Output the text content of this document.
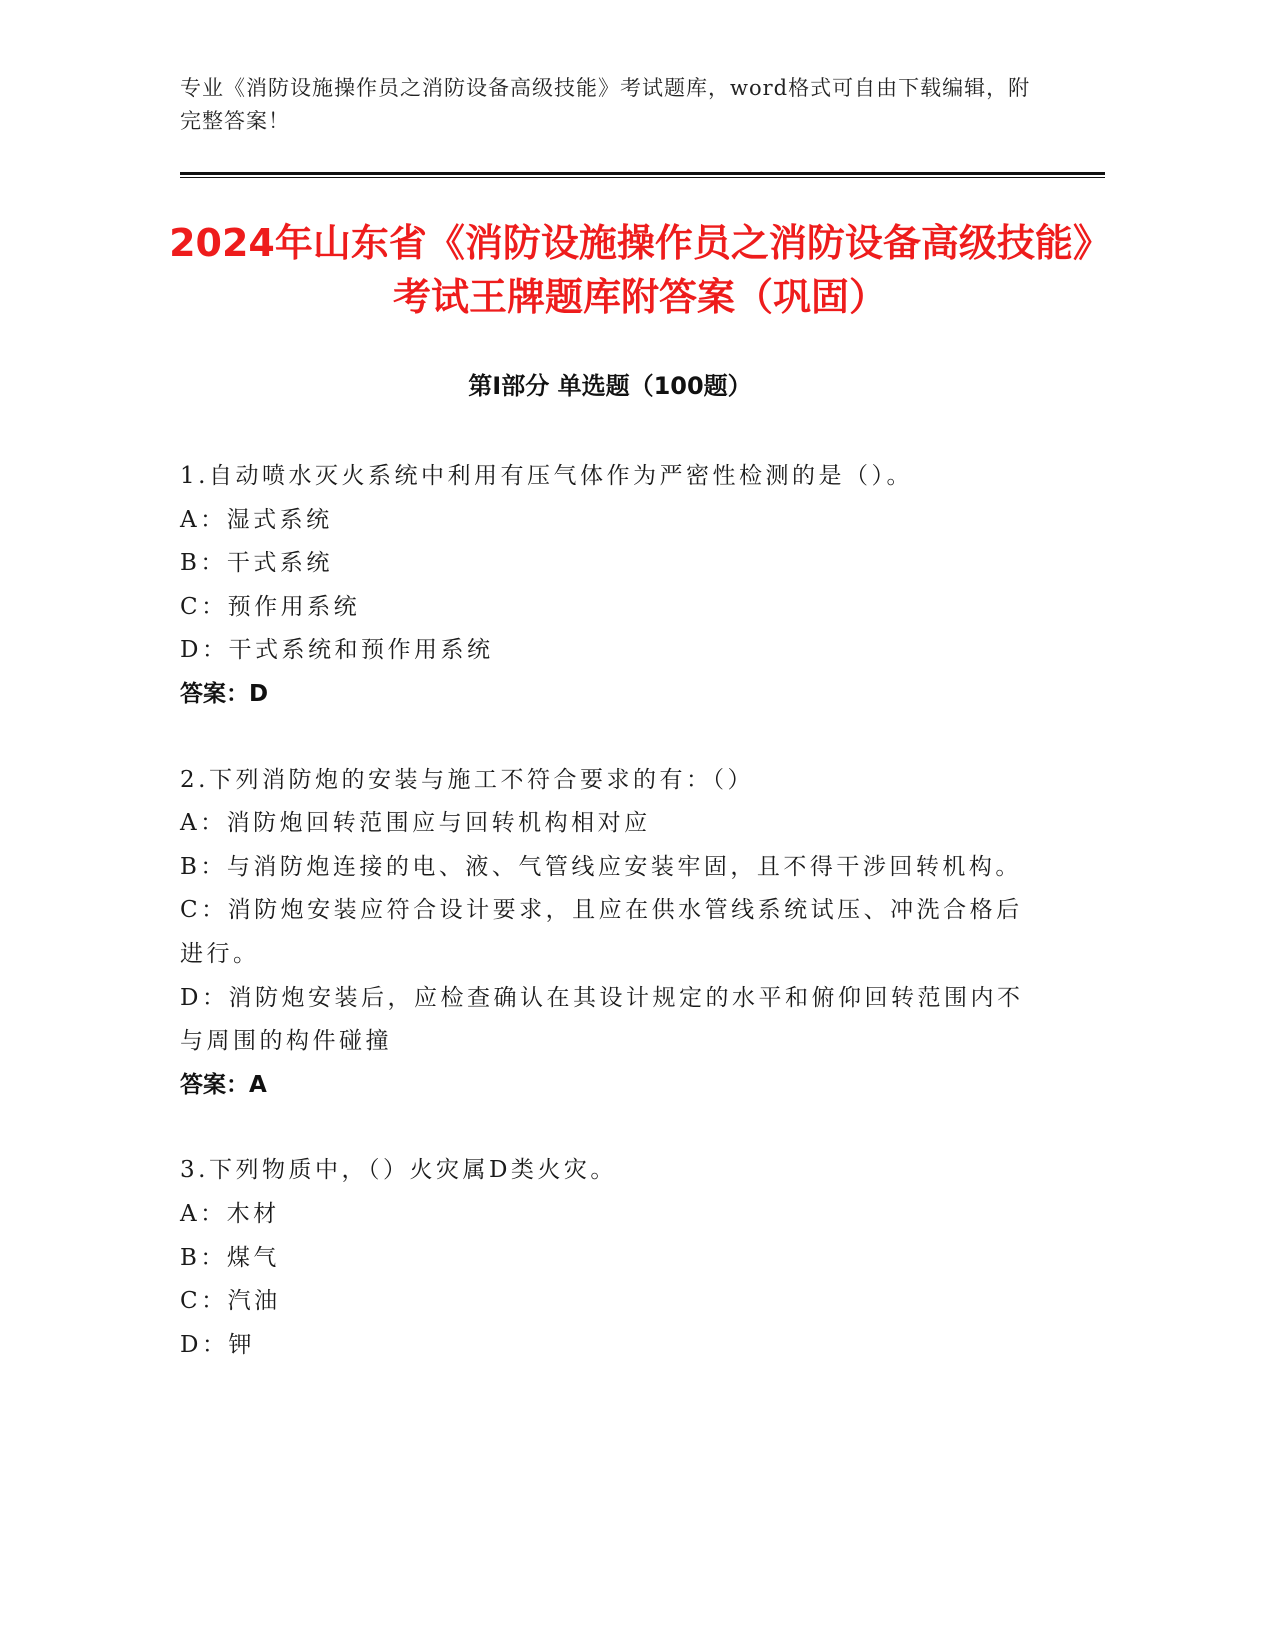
专业《消防设施操作员之消防设备高级技能》考试题库，word格式可自由下载编辑，附完整答案！
2024年山东省《消防设施操作员之消防设备高级技能》考试王牌题库附答案（巩固）
第I部分 单选题（100题）
1.自动喷水灭火系统中利用有压气体作为严密性检测的是（）。
A：湿式系统
B：干式系统
C：预作用系统
D：干式系统和预作用系统
答案：D
2.下列消防炮的安装与施工不符合要求的有：（）
A：消防炮回转范围应与回转机构相对应
B：与消防炮连接的电、液、气管线应安装牢固，且不得干涉回转机构。
C：消防炮安装应符合设计要求，且应在供水管线系统试压、冲洗合格后进行。
D：消防炮安装后，应检查确认在其设计规定的水平和俯仰回转范围内不与周围的构件碰撞
答案：A
3.下列物质中，（）火灾属D类火灾。
A：木材
B：煤气
C：汽油
D：钾
